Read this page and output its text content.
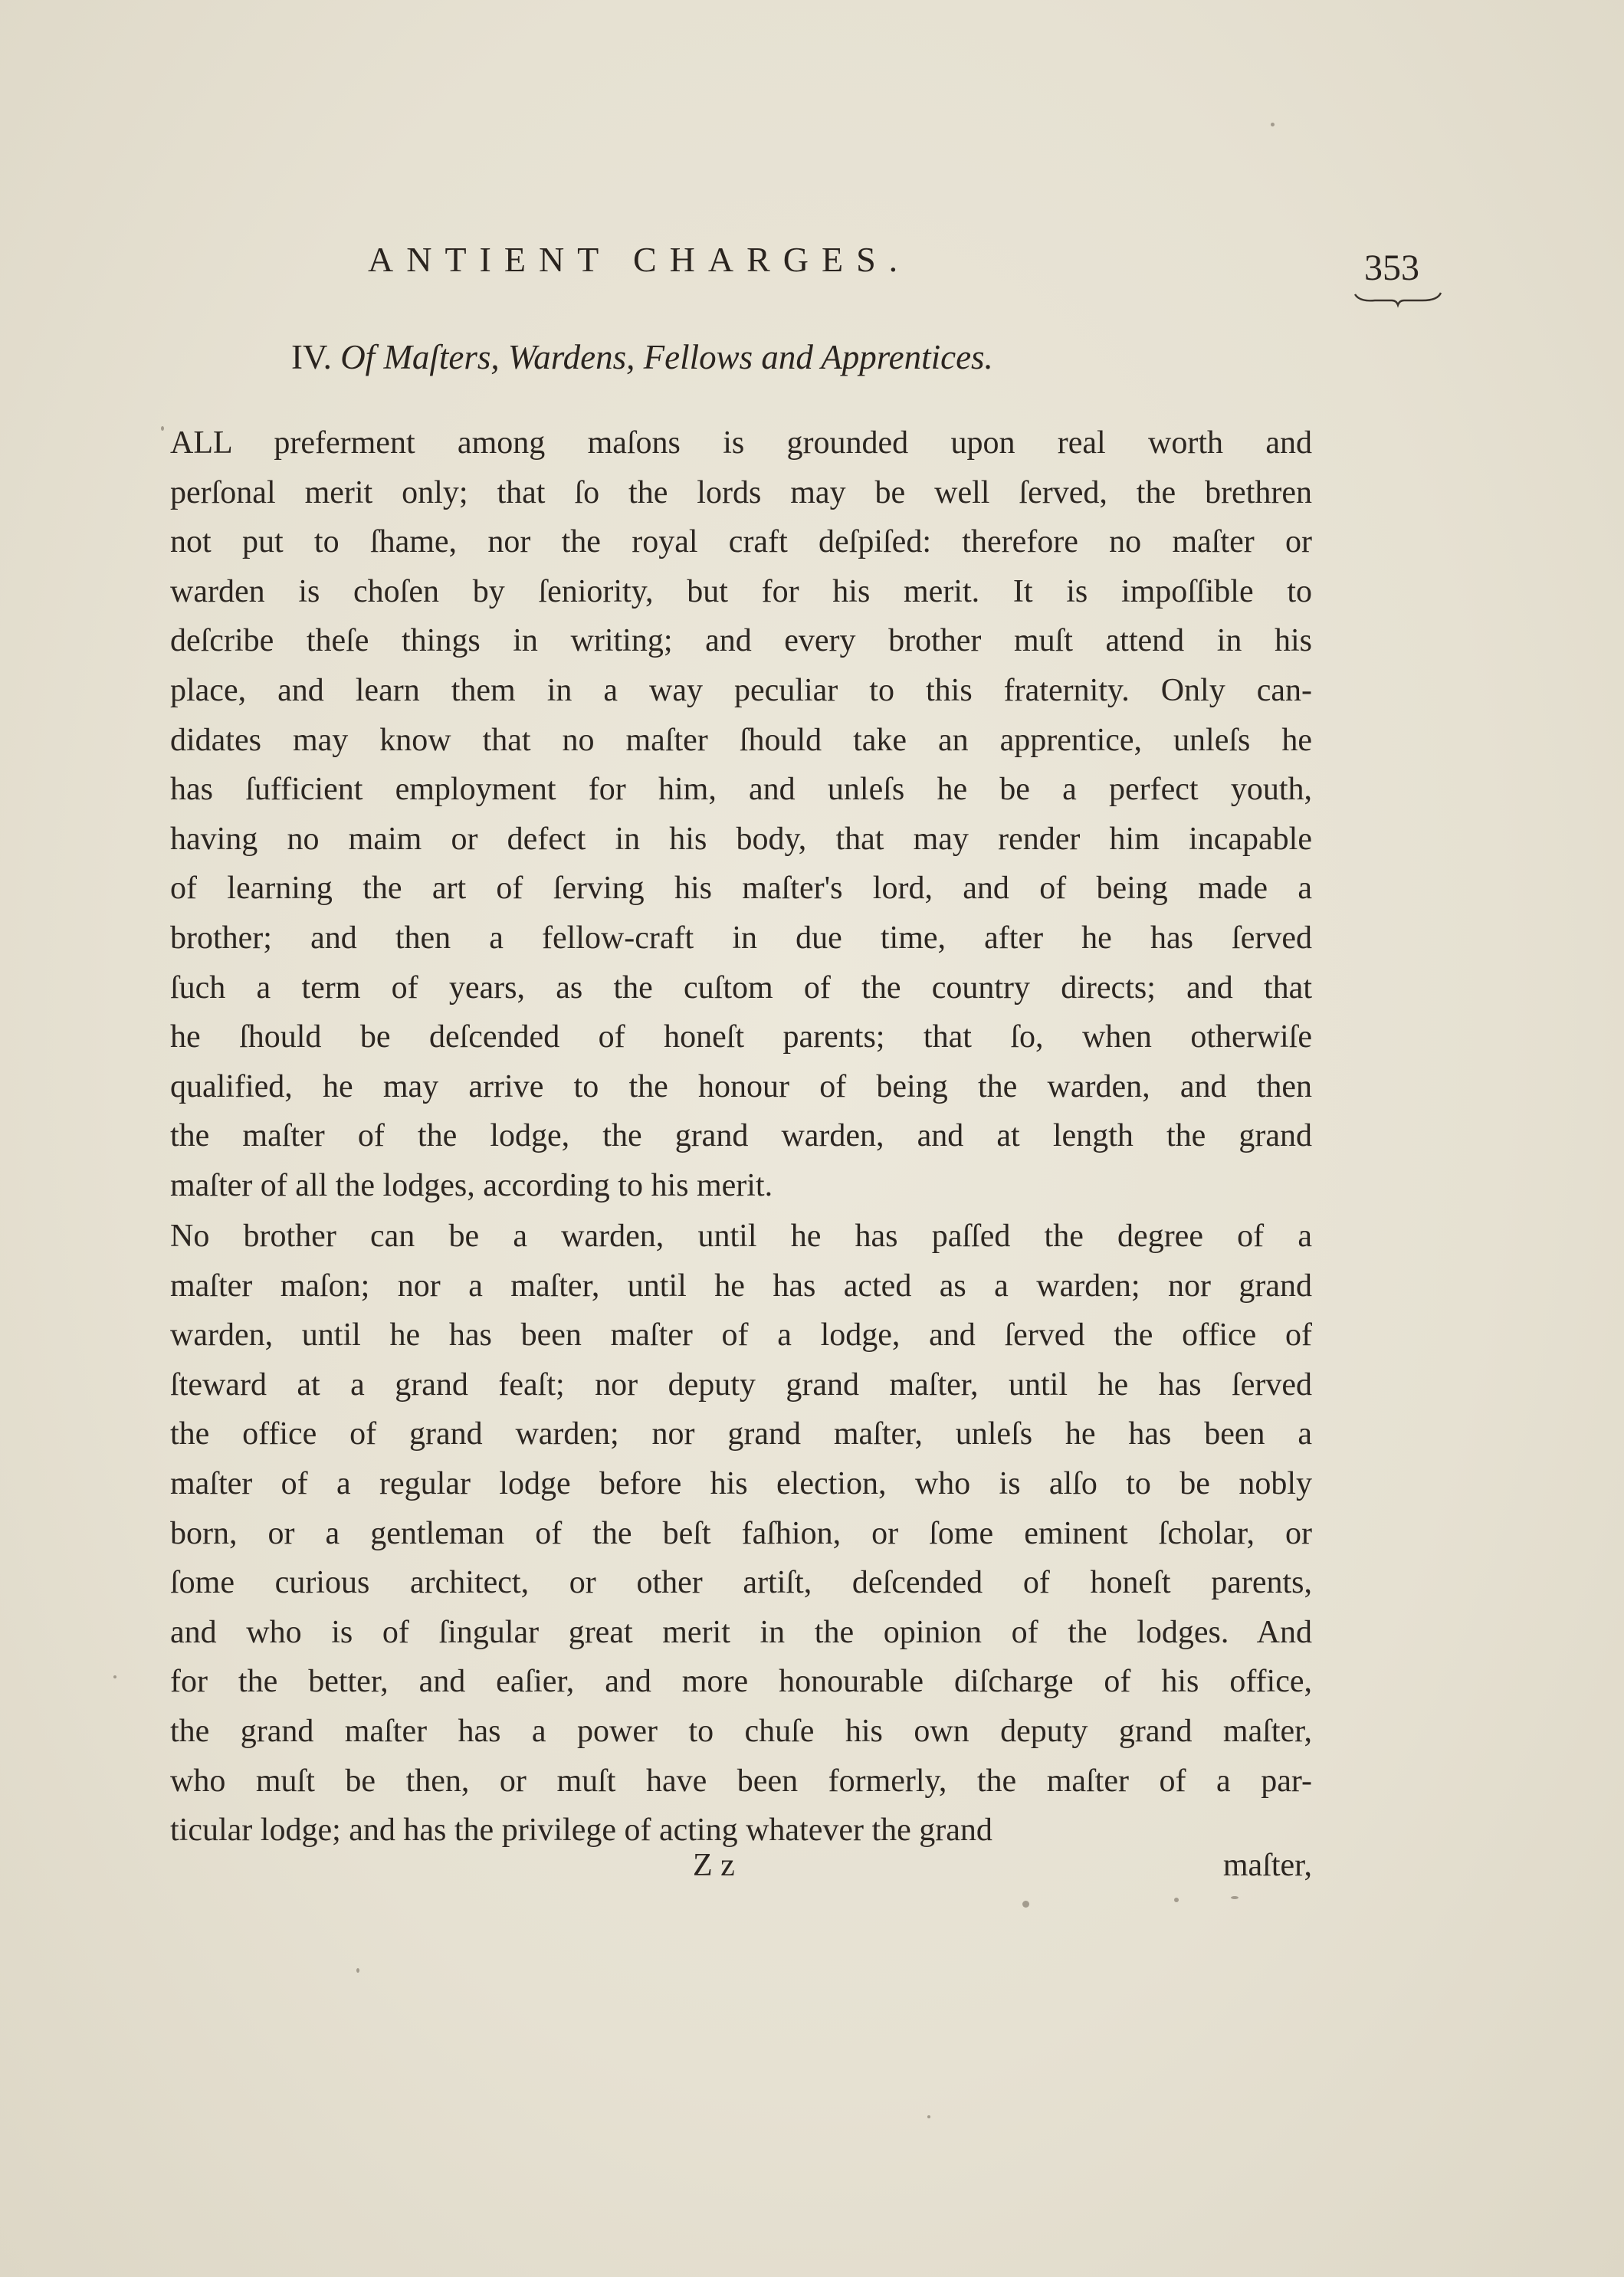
ANTIENT CHARGES.	353
IV. Of Maſters, Wardens, Fellows and Apprentices.
ALL preferment among maſons is grounded upon real worth and
perſonal merit only; that ſo the lords may be well ſerved, the brethren
not put to ſhame, nor the royal craft deſpiſed: therefore no maſter or
warden is choſen by ſeniority, but for his merit. It is impoſſible to
deſcribe theſe things in writing; and every brother muſt attend in his
place, and learn them in a way peculiar to this fraternity. Only can-
didates may know that no maſter ſhould take an apprentice, unleſs he
has ſufficient employment for him, and unleſs he be a perfect youth,
having no maim or defect in his body, that may render him incapable
of learning the art of ſerving his maſter's lord, and of being made a
brother; and then a fellow-craft in due time, after he has ſerved
ſuch a term of years, as the cuſtom of the country directs; and that
he ſhould be deſcended of honeſt parents; that ſo, when otherwiſe
qualified, he may arrive to the honour of being the warden, and then
the maſter of the lodge, the grand warden, and at length the grand
maſter of all the lodges, according to his merit.
No brother can be a warden, until he has paſſed the degree of a
maſter maſon; nor a maſter, until he has acted as a warden; nor grand
warden, until he has been maſter of a lodge, and ſerved the office of
ſteward at a grand feaſt; nor deputy grand maſter, until he has ſerved
the office of grand warden; nor grand maſter, unleſs he has been a
maſter of a regular lodge before his election, who is alſo to be nobly
born, or a gentleman of the beſt faſhion, or ſome eminent ſcholar, or
ſome curious architect, or other artiſt, deſcended of honeſt parents,
and who is of ſingular great merit in the opinion of the lodges. And
for the better, and eaſier, and more honourable diſcharge of his office,
the grand maſter has a power to chuſe his own deputy grand maſter,
who muſt be then, or muſt have been formerly, the maſter of a par-
ticular lodge; and has the privilege of acting whatever the grand
Z z	maſter,
